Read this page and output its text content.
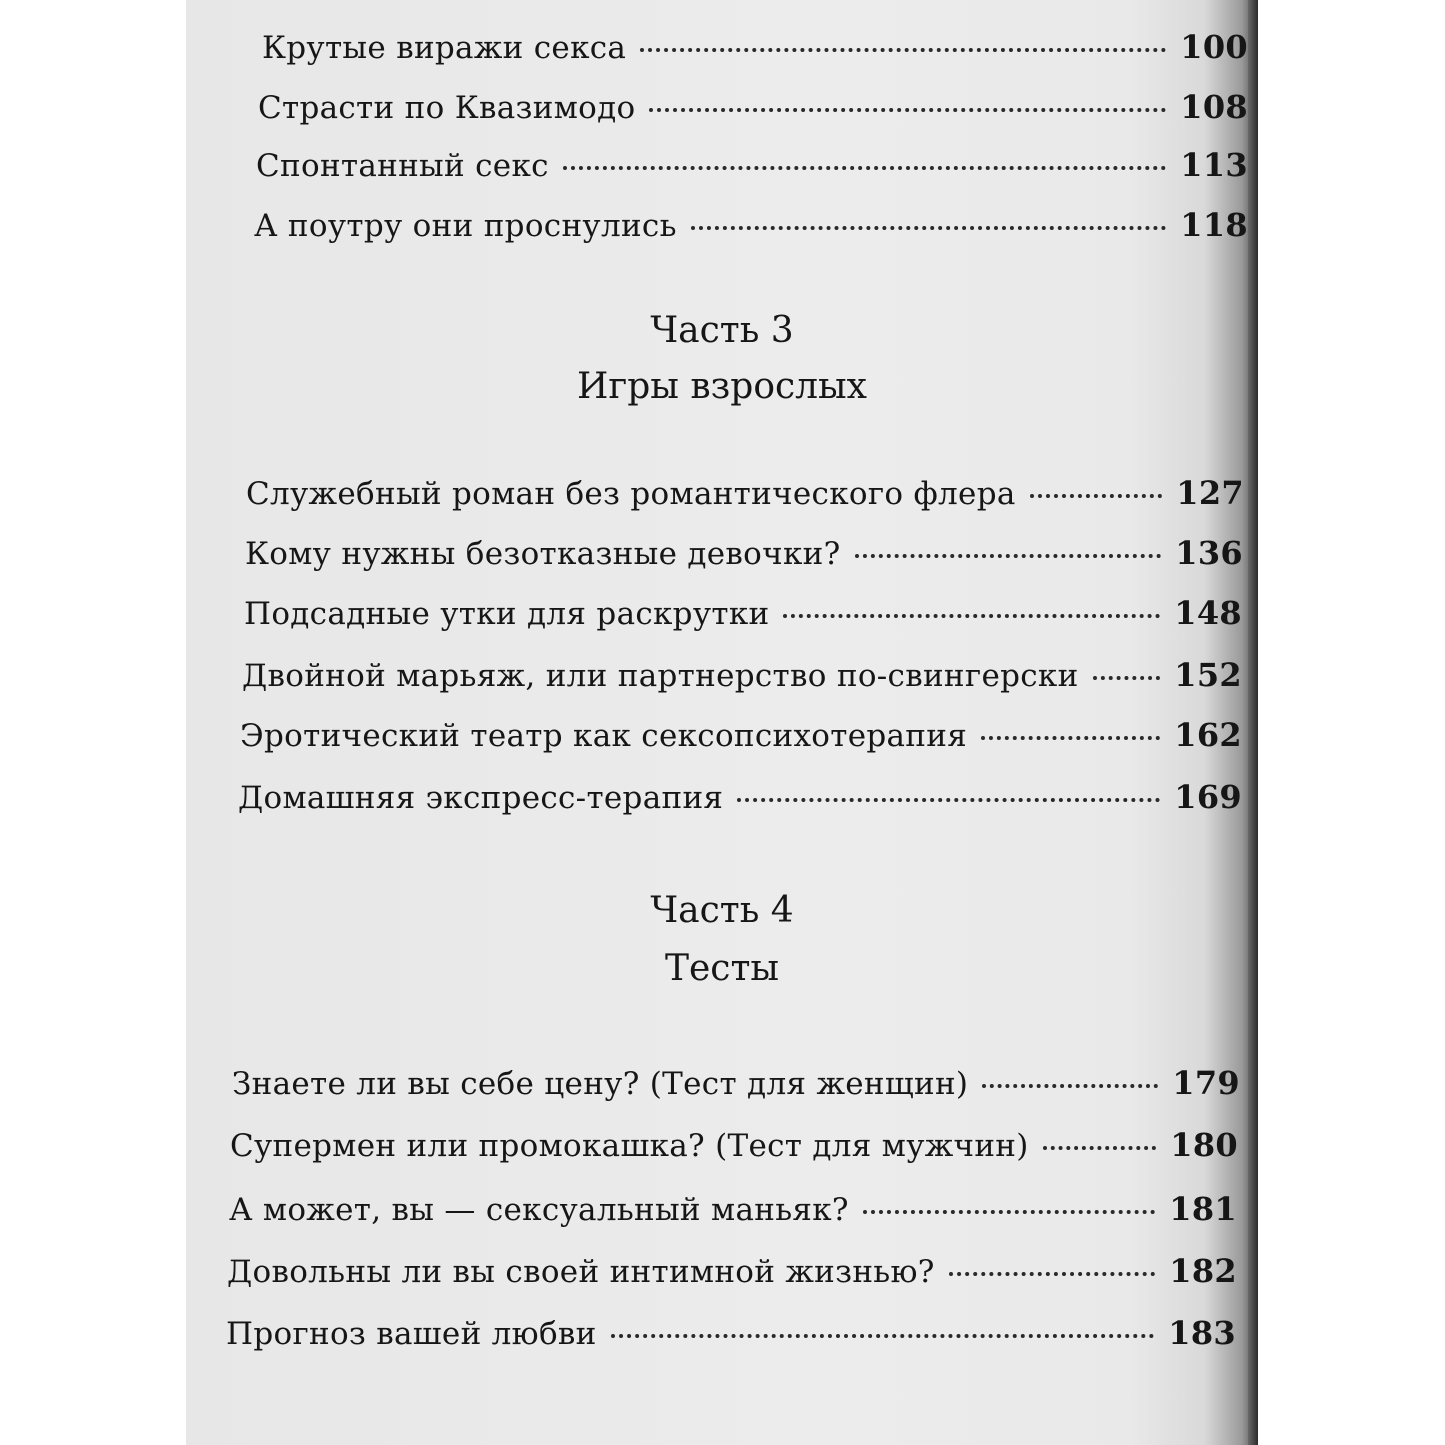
Крутые виражи секса	100
Страсти по Квазимодо	108
Спонтанный секс	113
А поутру они проснулись	118
Часть 3
Игры взрослых
Служебный роман без романтического флера	127
Кому нужны безотказные девочки?	136
Подсадные утки для раскрутки	148
Двойной марьяж, или партнерство по-свингерски	152
Эротический театр как сексопсихотерапия	162
Домашняя экспресс-терапия	169
Часть 4
Тесты
Знаете ли вы себе цену? (Тест для женщин)	179
Супермен или промокашка? (Тест для мужчин)	180
А может, вы — сексуальный маньяк?	181
Довольны ли вы своей интимной жизнью?	182
Прогноз вашей любви	183
